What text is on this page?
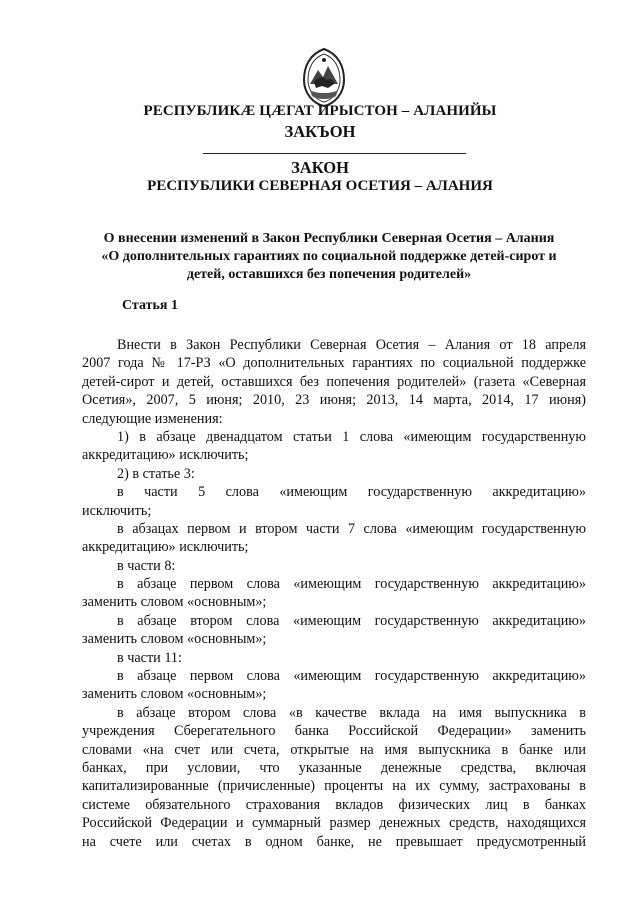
РЕСПУБЛИКÆ ЦÆГАТ ИРЫСТОН – АЛАНИЙЫ
ЗАКЪОН
ЗАКОН
РЕСПУБЛИКИ СЕВЕРНАЯ ОСЕТИЯ – АЛАНИЯ
О внесении изменений в Закон Республики Северная Осетия – Алания
«О дополнительных гарантиях по социальной поддержке детей-сирот и
детей, оставшихся без попечения родителей»
Статья 1
Внести в Закон Республики Северная Осетия – Алания от 18 апреля
2007 года № 17-РЗ «О дополнительных гарантиях по социальной поддержке
детей-сирот и детей, оставшихся без попечения родителей» (газета «Северная
Осетия», 2007, 5 июня; 2010, 23 июня; 2013, 14 марта, 2014, 17 июня)
следующие изменения:
1) в абзаце двенадцатом статьи 1 слова «имеющим государственную
аккредитацию» исключить;
2) в статье 3:
в части 5 слова «имеющим государственную аккредитацию»
исключить;
в абзацах первом и втором части 7 слова «имеющим государственную
аккредитацию» исключить;
в части 8:
в абзаце первом слова «имеющим государственную аккредитацию»
заменить словом «основным»;
в абзаце втором слова «имеющим государственную аккредитацию»
заменить словом «основным»;
в части 11:
в абзаце первом слова «имеющим государственную аккредитацию»
заменить словом «основным»;
в абзаце втором слова «в качестве вклада на имя выпускника в
учреждения Сберегательного банка Российской Федерации» заменить
словами «на счет или счета, открытые на имя выпускника в банке или
банках, при условии, что указанные денежные средства, включая
капитализированные (причисленные) проценты на их сумму, застрахованы в
системе обязательного страхования вкладов физических лиц в банках
Российской Федерации и суммарный размер денежных средств, находящихся
на счете или счетах в одном банке, не превышает предусмотренный
